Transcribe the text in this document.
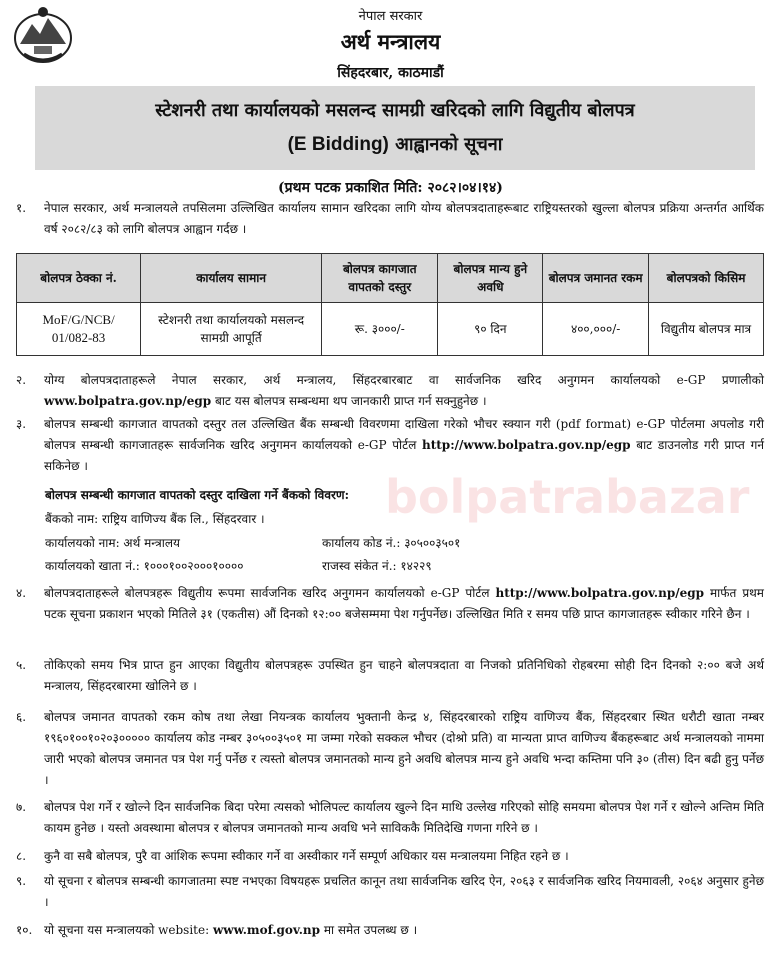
नेपाल सरकार
अर्थ मन्त्रालय
सिंहदरबार, काठमाडौं
स्टेशनरी तथा कार्यालयको मसलन्द सामग्री खरिदको लागि विद्युतीय बोलपत्र
(E Bidding) आह्वानको सूचना
(प्रथम पटक प्रकाशित मिति: २०८२।०४।१४)
१. नेपाल सरकार, अर्थ मन्त्रालयले तपसिलमा उल्लिखित कार्यालय सामान खरिदका लागि योग्य बोलपत्रदाताहरूबाट राष्ट्रियस्तरको खुल्ला बोलपत्र प्रक्रिया अन्तर्गत आर्थिक वर्ष २०८२/८३ को लागि बोलपत्र आह्वान गर्दछ ।
बोलपत्र ठेक्का नं.	कार्यालय सामान	बोलपत्र कागजात वापतको दस्तुर	बोलपत्र मान्य हुने अवधि	बोलपत्र जमानत रकम	बोलपत्रको किसिम
MoF/G/NCB/ 01/082-83	स्टेशनरी तथा कार्यालयको मसलन्द सामग्री आपूर्ति	रू. ३०००/-	९० दिन	४००,०००/-	विद्युतीय बोलपत्र मात्र
२. योग्य बोलपत्रदाताहरूले नेपाल सरकार, अर्थ मन्त्रालय, सिंहदरबारबाट वा सार्वजनिक खरिद अनुगमन कार्यालयको e-GP प्रणालीको www.bolpatra.gov.np/egp बाट यस बोलपत्र सम्बन्धमा थप जानकारी प्राप्त गर्न सक्नुहुनेछ ।
३. बोलपत्र सम्बन्धी कागजात वापतको दस्तुर तल उल्लिखित बैंक सम्बन्धी विवरणमा दाखिला गरेको भौचर स्क्यान गरी (pdf format) e-GP पोर्टलमा अपलोड गरी बोलपत्र सम्बन्धी कागजातहरू सार्वजनिक खरिद अनुगमन कार्यालयको e-GP पोर्टल http://www.bolpatra.gov.np/egp बाट डाउनलोड गरी प्राप्त गर्न सकिनेछ ।
बोलपत्र सम्बन्धी कागजात वापतको दस्तुर दाखिला गर्ने बैंकको विवरण:
बैंकको नाम: राष्ट्रिय वाणिज्य बैंक लि., सिंहदरवार ।
कार्यालयको नाम: अर्थ मन्त्रालय	कार्यालय कोड नं.: ३०५००३५०१
कार्यालयको खाता नं.: १०००१००२०००१००००	राजस्व संकेत नं.: १४२२९
४. बोलपत्रदाताहरूले बोलपत्रहरू विद्युतीय रूपमा सार्वजनिक खरिद अनुगमन कार्यालयको e-GP पोर्टल http://www.bolpatra.gov.np/egp मार्फत प्रथम पटक सूचना प्रकाशन भएको मितिले ३१ (एकतीस) औं दिनको १२:०० बजेसम्ममा पेश गर्नुपर्नेछ। उल्लिखित मिति र समय पछि प्राप्त कागजातहरू स्वीकार गरिने छैन ।
५. तोकिएको समय भित्र प्राप्त हुन आएका विद्युतीय बोलपत्रहरू उपस्थित हुन चाहने बोलपत्रदाता वा निजको प्रतिनिधिको रोहबरमा सोही दिन दिनको २:०० बजे अर्थ मन्त्रालय, सिंहदरबारमा खोलिने छ ।
६. बोलपत्र जमानत वापतको रकम कोष तथा लेखा नियन्त्रक कार्यालय भुक्तानी केन्द्र ४, सिंहदरबारको राष्ट्रिय वाणिज्य बैंक, सिंहदरबार स्थित धरौटी खाता नम्बर १९६०१००१०२०३००००० कार्यालय कोड नम्बर ३०५००३५०१ मा जम्मा गरेको सक्कल भौचर (दोश्रो प्रति) वा मान्यता प्राप्त वाणिज्य बैंकहरूबाट अर्थ मन्त्रालयको नाममा जारी भएको बोलपत्र जमानत पत्र पेश गर्नु पर्नेछ र त्यस्तो बोलपत्र जमानतको मान्य हुने अवधि बोलपत्र मान्य हुने अवधि भन्दा कम्तिमा पनि ३० (तीस) दिन बढी हुनु पर्नेछ ।
७. बोलपत्र पेश गर्ने र खोल्ने दिन सार्वजनिक बिदा परेमा त्यसको भोलिपल्ट कार्यालय खुल्ने दिन माथि उल्लेख गरिएको सोहि समयमा बोलपत्र पेश गर्ने र खोल्ने अन्तिम मिति कायम हुनेछ । यस्तो अवस्थामा बोलपत्र र बोलपत्र जमानतको मान्य अवधि भने साविककै मितिदेखि गणना गरिने छ ।
८. कुनै वा सबै बोलपत्र, पुरै वा आंशिक रूपमा स्वीकार गर्ने वा अस्वीकार गर्ने सम्पूर्ण अधिकार यस मन्त्रालयमा निहित रहने छ ।
९. यो सूचना र बोलपत्र सम्बन्धी कागजातमा स्पष्ट नभएका विषयहरू प्रचलित कानून तथा सार्वजनिक खरिद ऐन, २०६३ र सार्वजनिक खरिद नियमावली, २०६४ अनुसार हुनेछ ।
१०. यो सूचना यस मन्त्रालयको website: www.mof.gov.np मा समेत उपलब्ध छ ।
bolpatrabazar
